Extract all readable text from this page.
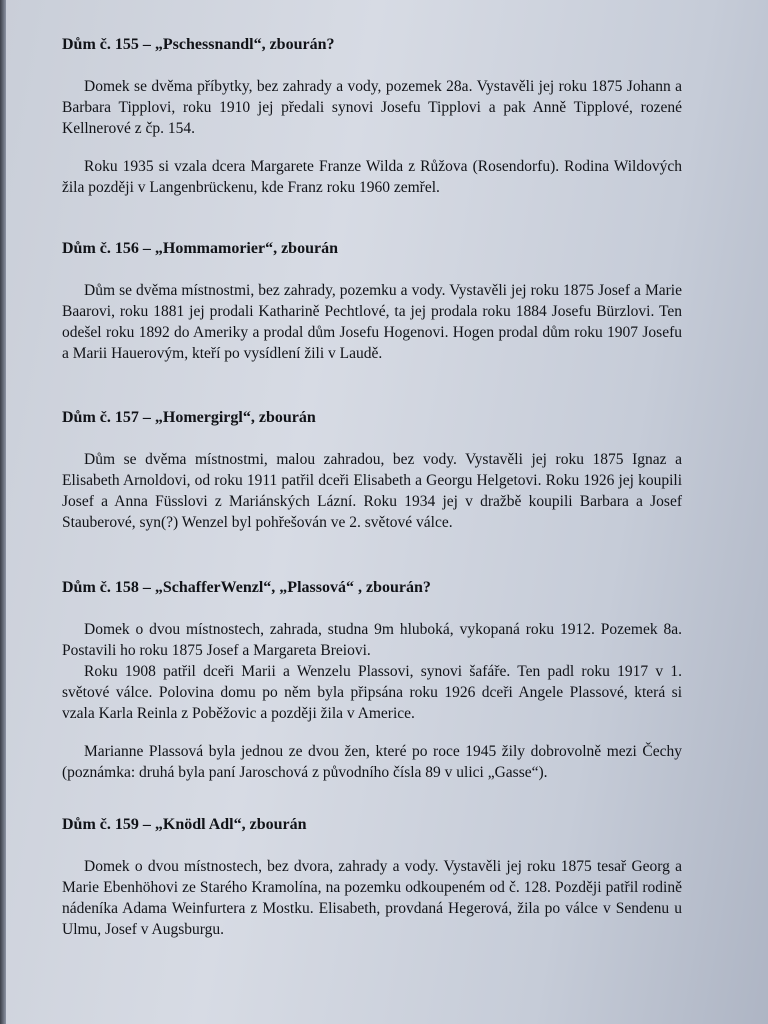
Dům č. 155 – „Pschessnandl“, zbourán?

Domek se dvěma příbytky, bez zahrady a vody, pozemek 28a. Vystavěli jej roku 1875 Johann a Barbara Tipplovi, roku 1910 jej předali synovi Josefu Tipplovi a pak Anně Tipplové, rozené Kellnerové z čp. 154.

Roku 1935 si vzala dcera Margarete Franze Wilda z Růžova (Rosendorfu). Rodina Wildových žila později v Langenbrückenu, kde Franz roku 1960 zemřel.

Dům č. 156 – „Hommamorier“, zbourán

Dům se dvěma místnostmi, bez zahrady, pozemku a vody. Vystavěli jej roku 1875 Josef a Marie Baarovi, roku 1881 jej prodali Katharině Pechtlové, ta jej prodala roku 1884 Josefu Bürzlovi. Ten odešel roku 1892 do Ameriky a prodal dům Josefu Hogenovi. Hogen prodal dům roku 1907 Josefu a Marii Hauerovým, kteří po vysídlení žili v Laudě.

Dům č. 157 – „Homergirgl“, zbourán

Dům se dvěma místnostmi, malou zahradou, bez vody. Vystavěli jej roku 1875 Ignaz a Elisabeth Arnoldovi, od roku 1911 patřil dceři Elisabeth a Georgu Helgetovi. Roku 1926 jej koupili Josef a Anna Füsslovi z Mariánských Lázní. Roku 1934 jej v dražbě koupili Barbara a Josef Stauberové, syn(?) Wenzel byl pohřešován ve 2. světové válce.

Dům č. 158 – „SchafferWenzl“, „Plassová“ , zbourán?

Domek o dvou místnostech, zahrada, studna 9m hluboká, vykopaná roku 1912. Pozemek 8a. Postavili ho roku 1875 Josef a Margareta Breiovi.

Roku 1908 patřil dceři Marii a Wenzelu Plassovi, synovi šafáře. Ten padl roku 1917 v 1. světové válce. Polovina domu po něm byla připsána roku 1926 dceři Angele Plassové, která si vzala Karla Reinla z Poběžovic a později žila v Americe.

Marianne Plassová byla jednou ze dvou žen, které po roce 1945 žily dobrovolně mezi Čechy (poznámka: druhá byla paní Jaroschová z původního čísla 89 v ulici „Gasse“).

Dům č. 159 – „Knödl Adl“, zbourán

Domek o dvou místnostech, bez dvora, zahrady a vody. Vystavěli jej roku 1875 tesař Georg a Marie Ebenhöhovi ze Starého Kramolína, na pozemku odkoupeném od č. 128. Později patřil rodině nádeníka Adama Weinfurtera z Mostku. Elisabeth, provdaná Hegerová, žila po válce v Sendenu u Ulmu, Josef v Augsburgu.
